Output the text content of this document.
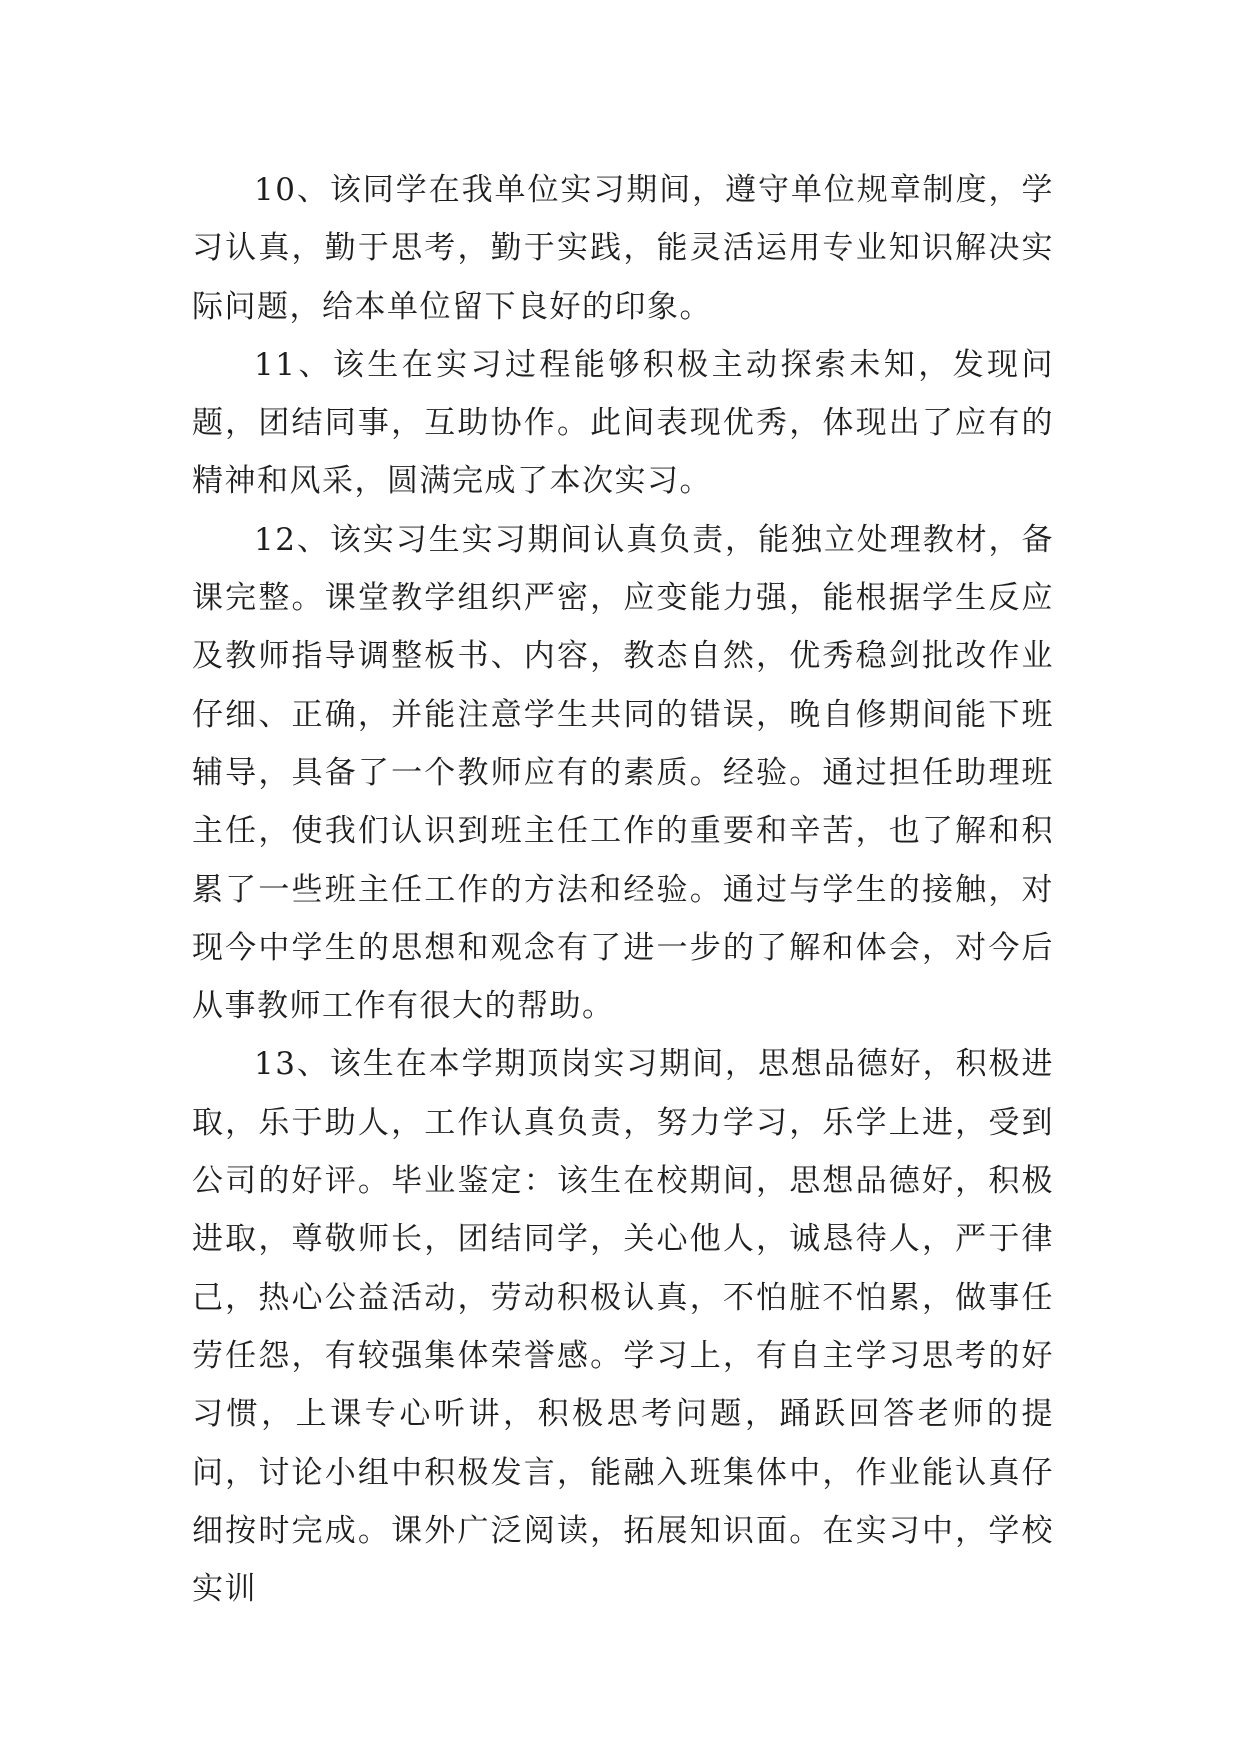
10、该同学在我单位实习期间，遵守单位规章制度，学习认真，勤于思考，勤于实践，能灵活运用专业知识解决实际问题，给本单位留下良好的印象。

11、该生在实习过程能够积极主动探索未知，发现问题，团结同事，互助协作。此间表现优秀，体现出了应有的精神和风采，圆满完成了本次实习。

12、该实习生实习期间认真负责，能独立处理教材，备课完整。课堂教学组织严密，应变能力强，能根据学生反应及教师指导调整板书、内容，教态自然，优秀稳剑批改作业仔细、正确，并能注意学生共同的错误，晚自修期间能下班辅导，具备了一个教师应有的素质。经验。通过担任助理班主任，使我们认识到班主任工作的重要和辛苦，也了解和积累了一些班主任工作的方法和经验。通过与学生的接触，对现今中学生的思想和观念有了进一步的了解和体会，对今后从事教师工作有很大的帮助。

13、该生在本学期顶岗实习期间，思想品德好，积极进取，乐于助人，工作认真负责，努力学习，乐学上进，受到公司的好评。毕业鉴定：该生在校期间，思想品德好，积极进取，尊敬师长，团结同学，关心他人，诚恳待人，严于律己，热心公益活动，劳动积极认真，不怕脏不怕累，做事任劳任怨，有较强集体荣誉感。学习上，有自主学习思考的好习惯，上课专心听讲，积极思考问题，踊跃回答老师的提问，讨论小组中积极发言，能融入班集体中，作业能认真仔细按时完成。课外广泛阅读，拓展知识面。在实习中，学校实训
